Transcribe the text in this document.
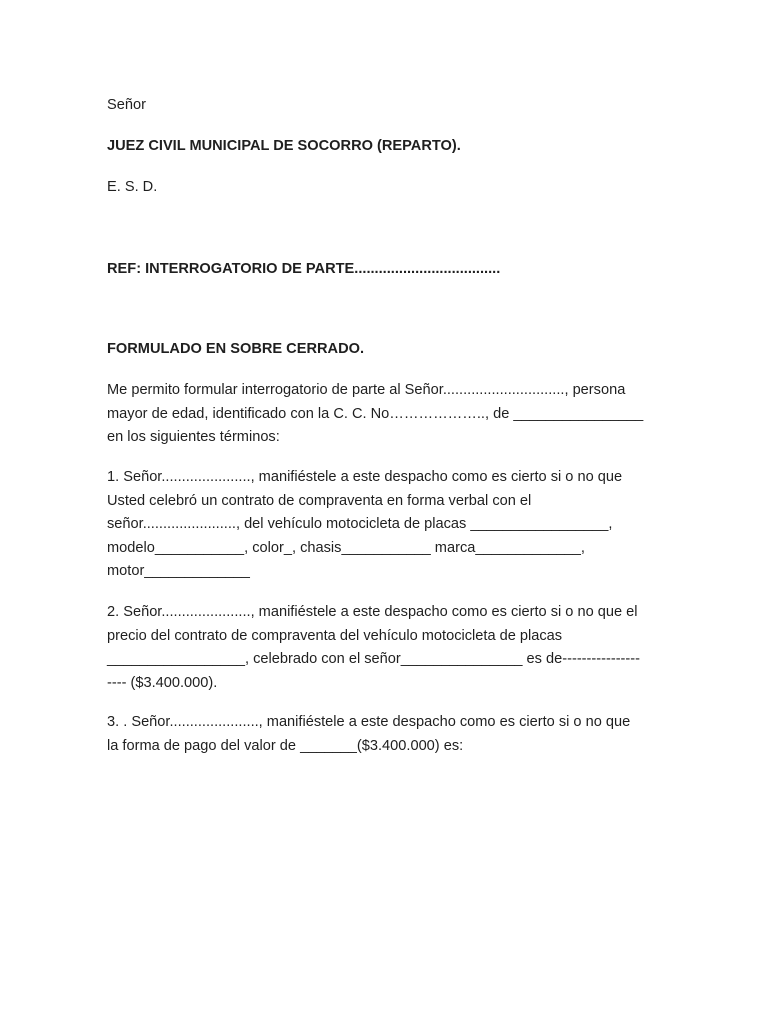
Señor
JUEZ CIVIL MUNICIPAL DE SOCORRO (REPARTO).
E. S. D.
REF: INTERROGATORIO DE PARTE....................................
FORMULADO EN SOBRE CERRADO.
Me permito formular interrogatorio de parte al Señor.............................., persona
mayor de edad, identificado con la C. C. No……………….., de ________________
en los siguientes términos:
1. Señor......................, manifiéstele a este despacho como es cierto si o no que
Usted celebró un contrato de compraventa en forma verbal con el
señor......................., del vehículo motocicleta de placas _________________,
modelo___________, color_, chasis___________ marca_____________,
motor_____________
2. Señor......................, manifiéstele a este despacho como es cierto si o no que el
precio del contrato de compraventa del vehículo motocicleta de placas
_________________, celebrado con el señor_______________ es de----------------
---- ($3.400.000).
3. . Señor......................, manifiéstele a este despacho como es cierto si o no que
la forma de pago del valor de _______($3.400.000) es:
